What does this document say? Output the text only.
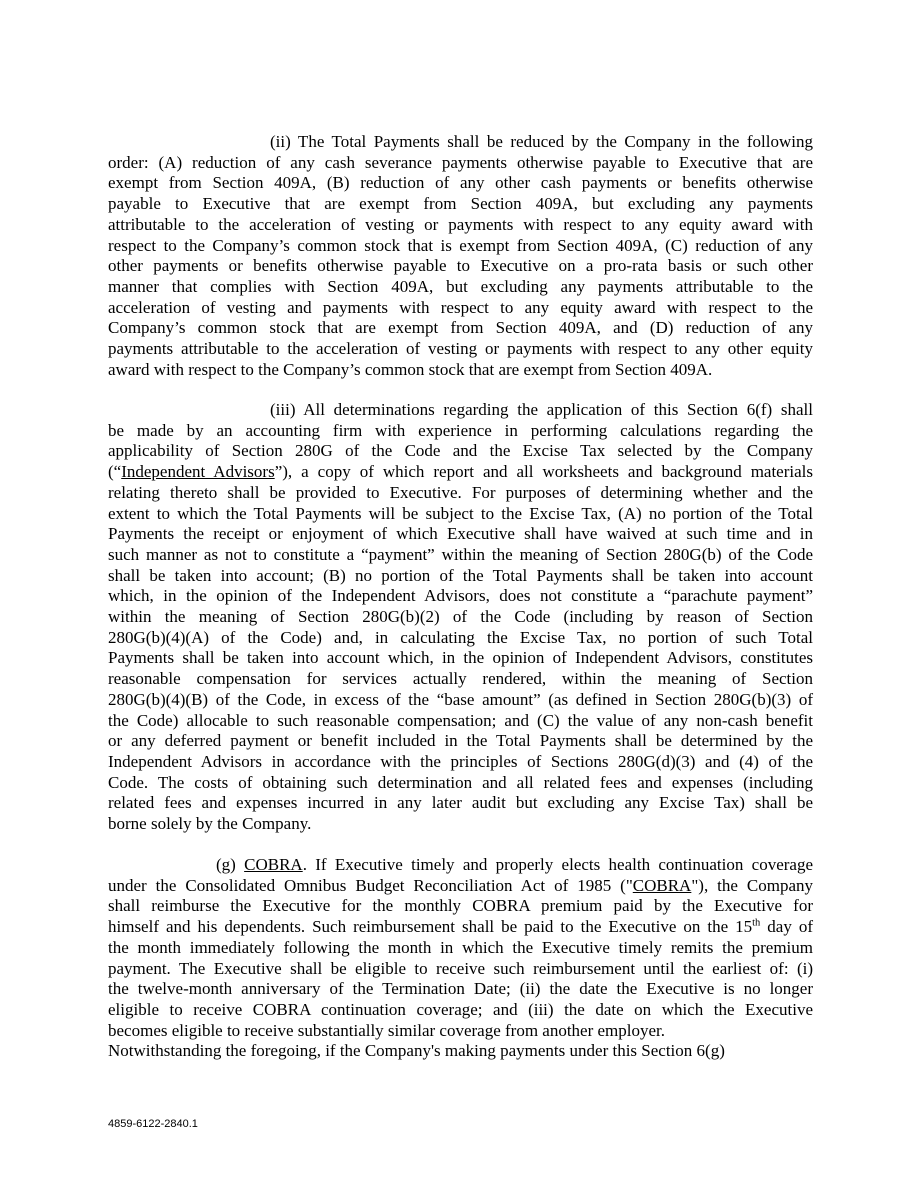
(ii) The Total Payments shall be reduced by the Company in the following
order: (A) reduction of any cash severance payments otherwise payable to Executive that are
exempt from Section 409A, (B) reduction of any other cash payments or benefits otherwise
payable to Executive that are exempt from Section 409A, but excluding any payments
attributable to the acceleration of vesting or payments with respect to any equity award with
respect to the Company’s common stock that is exempt from Section 409A, (C) reduction of any
other payments or benefits otherwise payable to Executive on a pro-rata basis or such other
manner that complies with Section 409A, but excluding any payments attributable to the
acceleration of vesting and payments with respect to any equity award with respect to the
Company’s common stock that are exempt from Section 409A, and (D) reduction of any
payments attributable to the acceleration of vesting or payments with respect to any other equity
award with respect to the Company’s common stock that are exempt from Section 409A.

(iii) All determinations regarding the application of this Section 6(f) shall
be made by an accounting firm with experience in performing calculations regarding the
applicability of Section 280G of the Code and the Excise Tax selected by the Company
(“Independent Advisors”), a copy of which report and all worksheets and background materials
relating thereto shall be provided to Executive. For purposes of determining whether and the
extent to which the Total Payments will be subject to the Excise Tax, (A) no portion of the Total
Payments the receipt or enjoyment of which Executive shall have waived at such time and in
such manner as not to constitute a “payment” within the meaning of Section 280G(b) of the Code
shall be taken into account; (B) no portion of the Total Payments shall be taken into account
which, in the opinion of the Independent Advisors, does not constitute a “parachute payment”
within the meaning of Section 280G(b)(2) of the Code (including by reason of Section
280G(b)(4)(A) of the Code) and, in calculating the Excise Tax, no portion of such Total
Payments shall be taken into account which, in the opinion of Independent Advisors, constitutes
reasonable compensation for services actually rendered, within the meaning of Section
280G(b)(4)(B) of the Code, in excess of the “base amount” (as defined in Section 280G(b)(3) of
the Code) allocable to such reasonable compensation; and (C) the value of any non-cash benefit
or any deferred payment or benefit included in the Total Payments shall be determined by the
Independent Advisors in accordance with the principles of Sections 280G(d)(3) and (4) of the
Code. The costs of obtaining such determination and all related fees and expenses (including
related fees and expenses incurred in any later audit but excluding any Excise Tax) shall be
borne solely by the Company.

(g) COBRA. If Executive timely and properly elects health continuation coverage
under the Consolidated Omnibus Budget Reconciliation Act of 1985 ("COBRA"), the Company
shall reimburse the Executive for the monthly COBRA premium paid by the Executive for
himself and his dependents. Such reimbursement shall be paid to the Executive on the 15th day of
the month immediately following the month in which the Executive timely remits the premium
payment. The Executive shall be eligible to receive such reimbursement until the earliest of: (i)
the twelve-month anniversary of the Termination Date; (ii) the date the Executive is no longer
eligible to receive COBRA continuation coverage; and (iii) the date on which the Executive
becomes eligible to receive substantially similar coverage from another employer.
Notwithstanding the foregoing, if the Company's making payments under this Section 6(g)

4859-6122-2840.1
